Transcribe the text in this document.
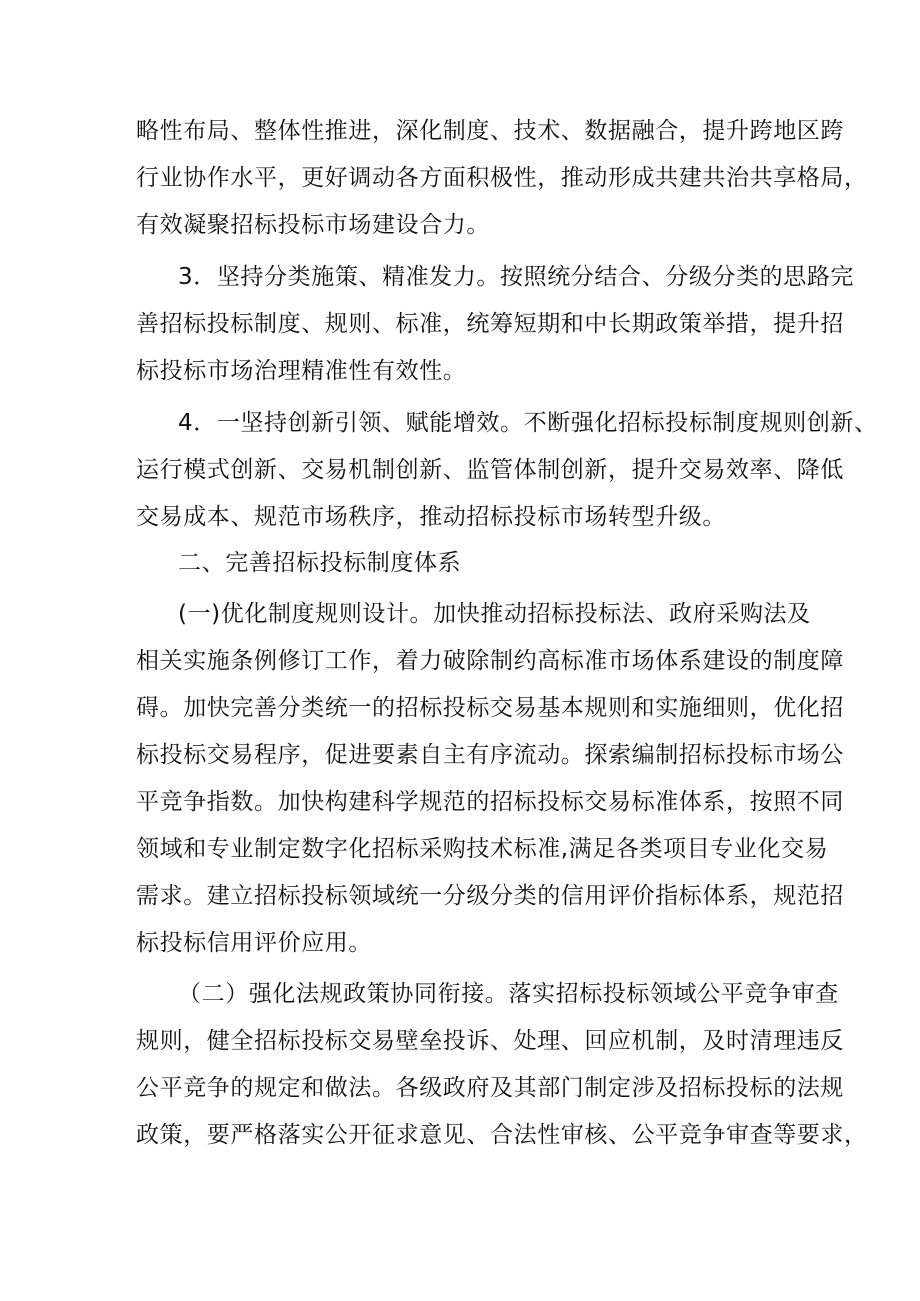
略性布局、整体性推进，深化制度、技术、数据融合，提升跨地区跨
行业协作水平，更好调动各方面积极性，推动形成共建共治共享格局，
有效凝聚招标投标市场建设合力。
3．坚持分类施策、精准发力。按照统分结合、分级分类的思路完
善招标投标制度、规则、标准，统筹短期和中长期政策举措，提升招
标投标市场治理精准性有效性。
4．一坚持创新引领、赋能增效。不断强化招标投标制度规则创新、
运行模式创新、交易机制创新、监管体制创新，提升交易效率、降低
交易成本、规范市场秩序，推动招标投标市场转型升级。
二、完善招标投标制度体系
(一)优化制度规则设计。加快推动招标投标法、政府采购法及
相关实施条例修订工作，着力破除制约高标准市场体系建设的制度障
碍。加快完善分类统一的招标投标交易基本规则和实施细则，优化招
标投标交易程序，促进要素自主有序流动。探索编制招标投标市场公
平竞争指数。加快构建科学规范的招标投标交易标准体系，按照不同
领域和专业制定数字化招标采购技术标准,满足各类项目专业化交易
需求。建立招标投标领域统一分级分类的信用评价指标体系，规范招
标投标信用评价应用。
（二）强化法规政策协同衔接。落实招标投标领域公平竞争审查
规则，健全招标投标交易壁垒投诉、处理、回应机制，及时清理违反
公平竞争的规定和做法。各级政府及其部门制定涉及招标投标的法规
政策，要严格落实公开征求意见、合法性审核、公平竞争审查等要求，
